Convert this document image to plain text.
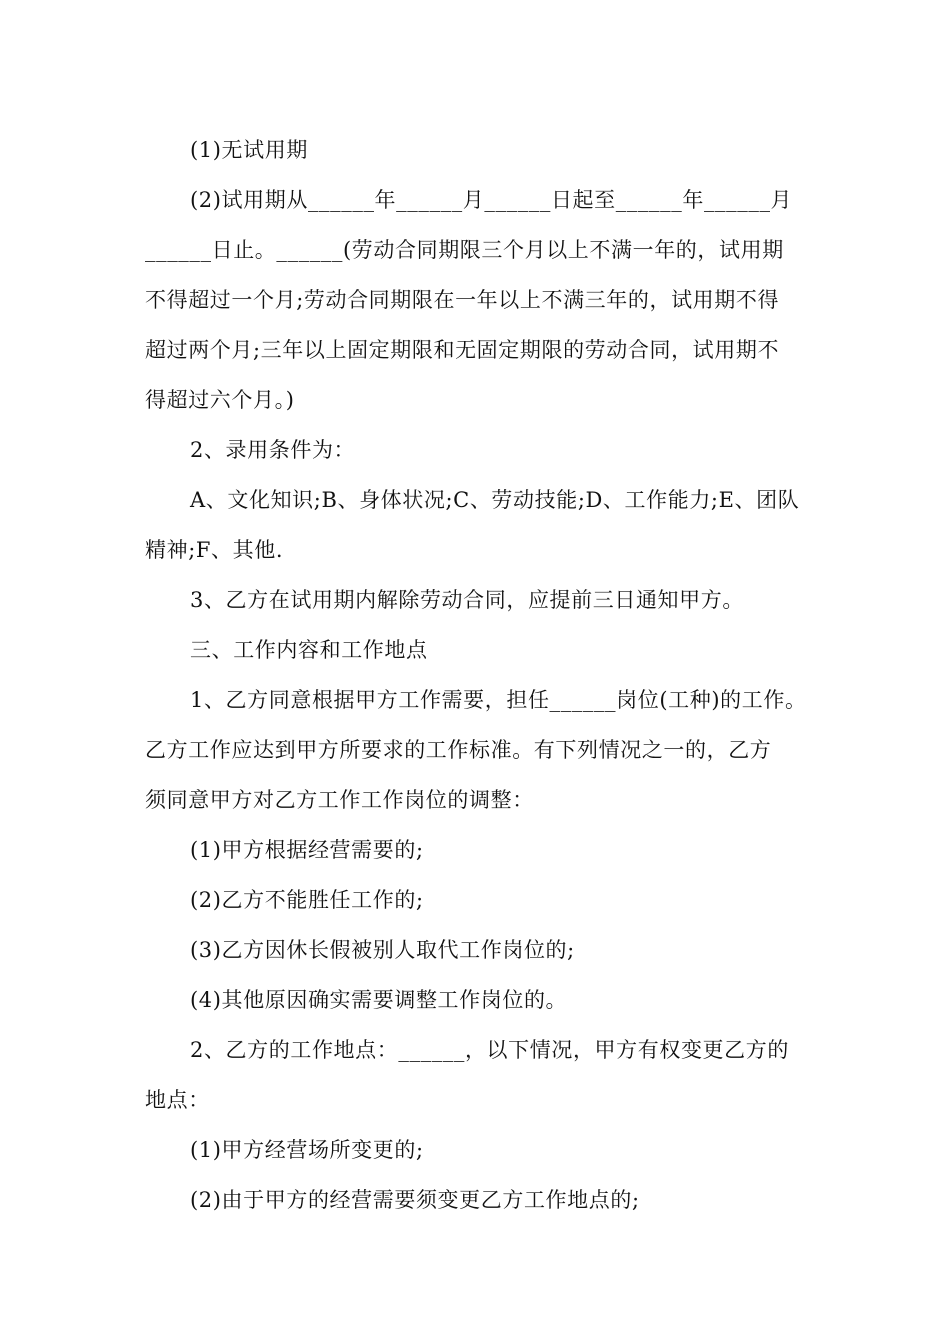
(1)无试用期
(2)试用期从______年______月______日起至______年______月
______日止。______(劳动合同期限三个月以上不满一年的，试用期
不得超过一个月;劳动合同期限在一年以上不满三年的，试用期不得
超过两个月;三年以上固定期限和无固定期限的劳动合同，试用期不
得超过六个月。)
2、录用条件为：
A、文化知识;B、身体状况;C、劳动技能;D、工作能力;E、团队
精神;F、其他.
3、乙方在试用期内解除劳动合同，应提前三日通知甲方。
三、工作内容和工作地点
1、乙方同意根据甲方工作需要，担任______岗位(工种)的工作。
乙方工作应达到甲方所要求的工作标准。有下列情况之一的，乙方
须同意甲方对乙方工作工作岗位的调整：
(1)甲方根据经营需要的;
(2)乙方不能胜任工作的;
(3)乙方因休长假被别人取代工作岗位的;
(4)其他原因确实需要调整工作岗位的。
2、乙方的工作地点：______，以下情况，甲方有权变更乙方的
地点：
(1)甲方经营场所变更的;
(2)由于甲方的经营需要须变更乙方工作地点的;
